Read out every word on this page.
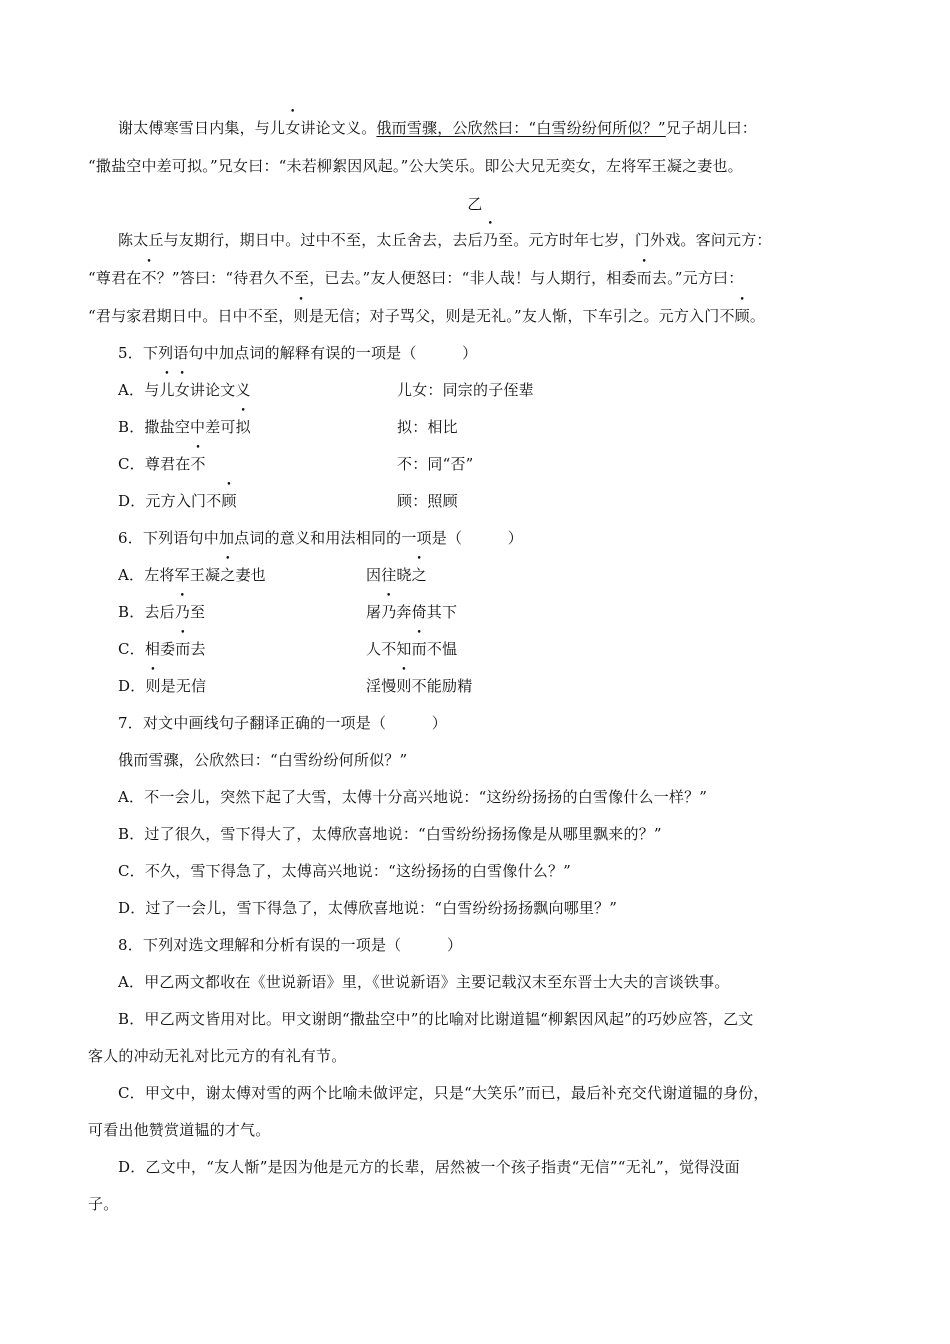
谢太傅寒雪日内集，与儿女讲论文义。俄而雪骤，公欣然曰：“白雪纷纷何所似？”兄子胡儿曰：
“撒盐空中差可拟。”兄女曰：“未若柳絮因风起。”公大笑乐。即公大兄无奕女，左将军王凝之妻也。
乙
陈太丘与友期行，期日中。过中不至，太丘舍去，去后乃至。元方时年七岁，门外戏。客问元方：
“尊君在不？”答曰：“待君久不至，已去。”友人便怒曰：“非人哉！与人期行，相委而去。”元方曰：
“君与家君期日中。日中不至，则是无信；对子骂父，则是无礼。”友人惭，下车引之。元方入门不顾。
5．下列语句中加点词的解释有误的一项是（　　　）
A．与儿女讲论文义	儿女：同宗的子侄辈
B．撒盐空中差可拟	拟：相比
C．尊君在不	不：同“否”
D．元方入门不顾	顾：照顾
6．下列语句中加点词的意义和用法相同的一项是（　　　）
A．左将军王凝之妻也	因往晓之
B．去后乃至	屠乃奔倚其下
C．相委而去	人不知而不愠
D．则是无信	淫慢则不能励精
7．对文中画线句子翻译正确的一项是（　　　）
俄而雪骤，公欣然曰：“白雪纷纷何所似？”
A．不一会儿，突然下起了大雪，太傅十分高兴地说：“这纷纷扬扬的白雪像什么一样？”
B．过了很久，雪下得大了，太傅欣喜地说：“白雪纷纷扬扬像是从哪里飘来的？”
C．不久，雪下得急了，太傅高兴地说：“这纷扬扬的白雪像什么？”
D．过了一会儿，雪下得急了，太傅欣喜地说：“白雪纷纷扬扬飘向哪里？”
8．下列对选文理解和分析有误的一项是（　　　）
A．甲乙两文都收在《世说新语》里，《世说新语》主要记载汉末至东晋士大夫的言谈铁事。
B．甲乙两文皆用对比。甲文谢朗“撒盐空中”的比喻对比谢道韫“柳絮因风起”的巧妙应答，乙文
客人的冲动无礼对比元方的有礼有节。
C．甲文中，谢太傅对雪的两个比喻未做评定，只是“大笑乐”而已，最后补充交代谢道韫的身份，
可看出他赞赏道韫的才气。
D．乙文中，“友人惭”是因为他是元方的长辈，居然被一个孩子指责“无信”“无礼”，觉得没面
子。
